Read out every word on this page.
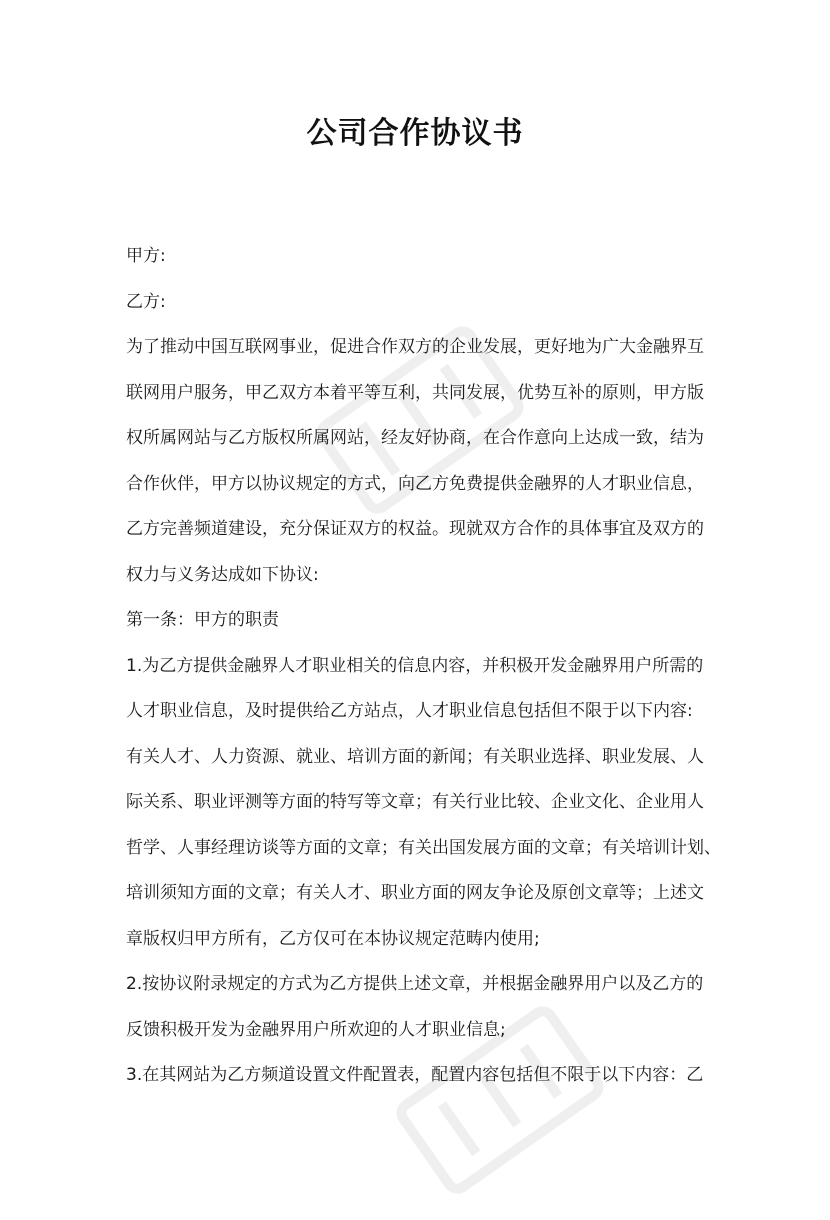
公司合作协议书
甲方:
乙方:
为了推动中国互联网事业，促进合作双方的企业发展，更好地为广大金融界互
联网用户服务，甲乙双方本着平等互利，共同发展，优势互补的原则，甲方版
权所属网站与乙方版权所属网站，经友好协商，在合作意向上达成一致，结为
合作伙伴，甲方以协议规定的方式，向乙方免费提供金融界的人才职业信息，
乙方完善频道建设，充分保证双方的权益。现就双方合作的具体事宜及双方的
权力与义务达成如下协议:
第一条：甲方的职责
1.为乙方提供金融界人才职业相关的信息内容，并积极开发金融界用户所需的
人才职业信息，及时提供给乙方站点，人才职业信息包括但不限于以下内容:
有关人才、人力资源、就业、培训方面的新闻；有关职业选择、职业发展、人
际关系、职业评测等方面的特写等文章；有关行业比较、企业文化、企业用人
哲学、人事经理访谈等方面的文章；有关出国发展方面的文章；有关培训计划、
培训须知方面的文章；有关人才、职业方面的网友争论及原创文章等；上述文
章版权归甲方所有，乙方仅可在本协议规定范畴内使用;
2.按协议附录规定的方式为乙方提供上述文章，并根据金融界用户以及乙方的
反馈积极开发为金融界用户所欢迎的人才职业信息;
3.在其网站为乙方频道设置文件配置表，配置内容包括但不限于以下内容：乙
